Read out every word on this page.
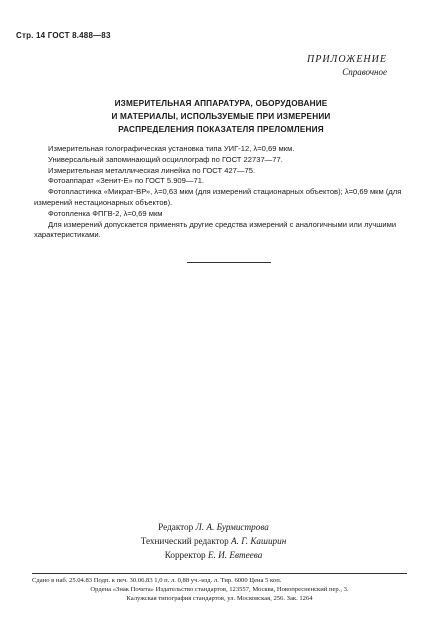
Стр. 14 ГОСТ 8.488—83
ПРИЛОЖЕНИЕ
Справочное
ИЗМЕРИТЕЛЬНАЯ АППАРАТУРА, ОБОРУДОВАНИЕ
И МАТЕРИАЛЫ, ИСПОЛЬЗУЕМЫЕ ПРИ ИЗМЕРЕНИИ
РАСПРЕДЕЛЕНИЯ ПОКАЗАТЕЛЯ ПРЕЛОМЛЕНИЯ

Измерительная голографическая установка типа УИГ-12, λ=0,69 мкм.

Универсальный запоминающий осциллограф по ГОСТ 22737—77.

Измерительная металлическая линейка по ГОСТ 427—75.

Фотоаппарат «Зенит-Е» по ГОСТ 5.909—71.

Фотопластинка «Микрат-ВР», λ=0,63 мкм (для измерений стационарных объектов); λ=0,69 мкм (для измерений нестационарных объектов).

Фотопленка ФПГВ-2, λ=0,69 мкм

Для измерений допускается применять другие средства измерений с аналогичными или лучшими характеристиками.

Редактор Л. А. Бурмистрова
Технический редактор А. Г. Каширин
Корректор Е. И. Евтеева
Сдано в наб. 25.04.83 Подп. к печ. 30.06.83 1,0 п. л. 0,88 уч.-изд. л. Тир. 6000 Цена 5 коп.
Ордена «Знак Почета» Издательство стандартов, 123557, Москва, Новопресненский пер., 3.
Калужская типография стандартов, ул. Московская, 256. Зак. 1264
